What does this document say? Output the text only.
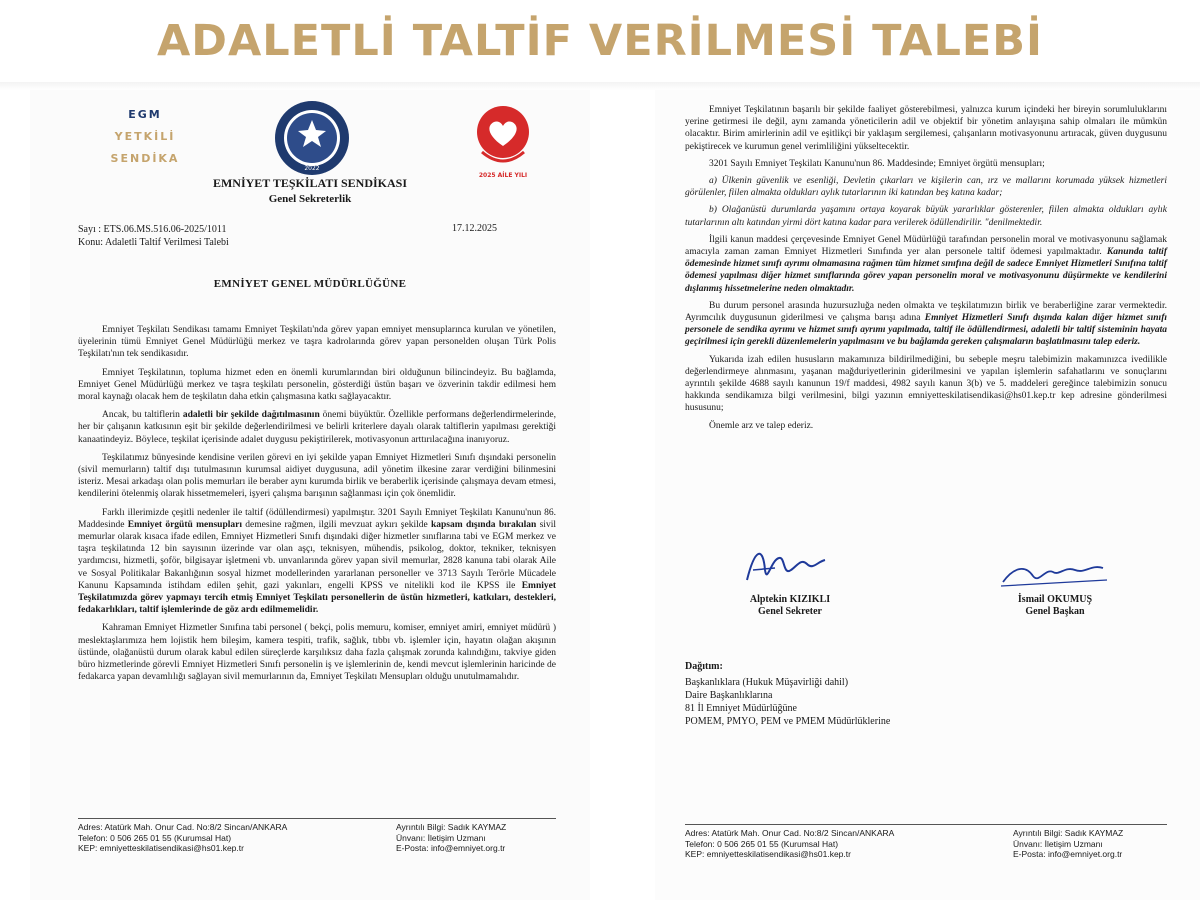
ADALETLİ TALTİF VERİLMESİ TALEBİ
EGM
YETKİLİ
SENDİKA
2022
2025 AİLE YILI
EMNİYET TEŞKİLATI SENDİKASI
Genel Sekreterlik
Sayı : ETS.06.MS.516.06-2025/1011
Konu: Adaletli Taltif Verilmesi Talebi
17.12.2025
EMNİYET GENEL MÜDÜRLÜĞÜNE

Emniyet Teşkilatı Sendikası tamamı Emniyet Teşkilatı'nda görev yapan emniyet mensuplarınca kurulan ve yönetilen, üyelerinin tümü Emniyet Genel Müdürlüğü merkez ve taşra kadrolarında görev yapan personelden oluşan Türk Polis Teşkilatı'nın tek sendikasıdır.

Emniyet Teşkilatının, topluma hizmet eden en önemli kurumlarından biri olduğunun bilincindeyiz. Bu bağlamda, Emniyet Genel Müdürlüğü merkez ve taşra teşkilatı personelin, gösterdiği üstün başarı ve özverinin takdir edilmesi hem moral kaynağı olacak hem de teşkilatın daha etkin çalışmasına katkı sağlayacaktır.

Ancak, bu taltiflerin adaletli bir şekilde dağıtılmasının önemi büyüktür. Özellikle performans değerlendirmelerinde, her bir çalışanın katkısının eşit bir şekilde değerlendirilmesi ve belirli kriterlere dayalı olarak taltiflerin yapılması gerektiği kanaatindeyiz. Böylece, teşkilat içerisinde adalet duygusu pekiştirilerek, motivasyonun arttırılacağına inanıyoruz.

Teşkilatımız bünyesinde kendisine verilen görevi en iyi şekilde yapan Emniyet Hizmetleri Sınıfı dışındaki personelin (sivil memurların) taltif dışı tutulmasının kurumsal aidiyet duygusuna, adil yönetim ilkesine zarar verdiğini bilinmesini isteriz. Mesai arkadaşı olan polis memurları ile beraber aynı kurumda birlik ve beraberlik içerisinde çalışmaya devam etmesi, kendilerini ötelenmiş olarak hissetmemeleri, işyeri çalışma barışının sağlanması için çok önemlidir.

Farklı illerimizde çeşitli nedenler ile taltif (ödüllendirmesi) yapılmıştır. 3201 Sayılı Emniyet Teşkilatı Kanunu'nun 86. Maddesinde Emniyet örgütü mensupları demesine rağmen, ilgili mevzuat aykırı şekilde kapsam dışında bırakılan sivil memurlar olarak kısaca ifade edilen, Emniyet Hizmetleri Sınıfı dışındaki diğer hizmetler sınıflarına tabi ve EGM merkez ve taşra teşkilatında 12 bin sayısının üzerinde var olan aşçı, teknisyen, mühendis, psikolog, doktor, tekniker, teknisyen yardımcısı, hizmetli, şoför, bilgisayar işletmeni vb. unvanlarında görev yapan sivil memurlar, 2828 kanuna tabi olarak Aile ve Sosyal Politikalar Bakanlığının sosyal hizmet modellerinden yararlanan personeller ve 3713 Sayılı Terörle Mücadele Kanunu Kapsamında istihdam edilen şehit, gazi yakınları, engelli KPSS ve nitelikli kod ile KPSS ile Emniyet Teşkilatımızda görev yapmayı tercih etmiş Emniyet Teşkilatı personellerin de üstün hizmetleri, katkıları, destekleri, fedakarlıkları, taltif işlemlerinde de göz ardı edilmemelidir.

Kahraman Emniyet Hizmetler Sınıfına tabi personel ( bekçi, polis memuru, komiser, emniyet amiri, emniyet müdürü ) meslektaşlarımıza hem lojistik hem bileşim, kamera tespiti, trafik, sağlık, tıbbı vb. işlemler için, hayatın olağan akışının üstünde, olağanüstü durum olarak kabul edilen süreçlerde karşılıksız daha fazla çalışmak zorunda kalındığını, takviye giden büro hizmetlerinde görevli Emniyet Hizmetleri Sınıfı personelin iş ve işlemlerinin de, kendi mevcut işlemlerinin haricinde de fedakarca yapan devamlılığı sağlayan sivil memurlarının da, Emniyet Teşkilatı Mensupları olduğu unutulmamalıdır.

Adres: Atatürk Mah. Onur Cad. No:8/2 Sincan/ANKARA
Telefon: 0 506 265 01 55 (Kurumsal Hat)
KEP: emniyetteskilatisendikasi@hs01.kep.tr
Ayrıntılı Bilgi: Sadık KAYMAZ
Ünvanı: İletişim Uzmanı
E-Posta: info@emniyet.org.tr

Emniyet Teşkilatının başarılı bir şekilde faaliyet gösterebilmesi, yalnızca kurum içindeki her bireyin sorumluluklarını yerine getirmesi ile değil, aynı zamanda yöneticilerin adil ve objektif bir yönetim anlayışına sahip olmaları ile mümkün olacaktır. Birim amirlerinin adil ve eşitlikçi bir yaklaşım sergilemesi, çalışanların motivasyonunu artıracak, güven duygusunu pekiştirecek ve kurumun genel verimliliğini yükseltecektir.

3201 Sayılı Emniyet Teşkilatı Kanunu'nun 86. Maddesinde; Emniyet örgütü mensupları;

a) Ülkenin güvenlik ve esenliği, Devletin çıkarları ve kişilerin can, ırz ve mallarını korumada yüksek hizmetleri görülenler, fiilen almakta oldukları aylık tutarlarının iki katından beş katına kadar;

b) Olağanüstü durumlarda yaşamını ortaya koyarak büyük yararlıklar gösterenler, fiilen almakta oldukları aylık tutarlarının altı katından yirmi dört katına kadar para verilerek ödüllendirilir. "denilmektedir.

İlgili kanun maddesi çerçevesinde Emniyet Genel Müdürlüğü tarafından personelin moral ve motivasyonunu sağlamak amacıyla zaman zaman Emniyet Hizmetleri Sınıfında yer alan personele taltif ödemesi yapılmaktadır. Kanunda taltif ödemesinde hizmet sınıfı ayrımı olmamasına rağmen tüm hizmet sınıfına değil de sadece Emniyet Hizmetleri Sınıfına taltif ödemesi yapılması diğer hizmet sınıflarında görev yapan personelin moral ve motivasyonunu düşürmekte ve kendilerini dışlanmış hissetmelerine neden olmaktadır.

Bu durum personel arasında huzursuzluğa neden olmakta ve teşkilatımızın birlik ve beraberliğine zarar vermektedir. Ayrımcılık duygusunun giderilmesi ve çalışma barışı adına Emniyet Hizmetleri Sınıfı dışında kalan diğer hizmet sınıfı personele de sendika ayrımı ve hizmet sınıfı ayrımı yapılmada, taltif ile ödüllendirmesi, adaletli bir taltif sisteminin hayata geçirilmesi için gerekli düzenlemelerin yapılmasını ve bu bağlamda gereken çalışmaların başlatılmasını talep ederiz.

Yukarıda izah edilen hususların makamınıza bildirilmediğini, bu sebeple meşru talebimizin makamınızca ivedilikle değerlendirmeye alınmasını, yaşanan mağduriyetlerinin giderilmesini ve yapılan işlemlerin safahatlarını ve sonuçlarını ayrıntılı şekilde 4688 sayılı kanunun 19/f maddesi, 4982 sayılı kanun 3(b) ve 5. maddeleri gereğince talebimizin sonucu hakkında sendikamıza bilgi verilmesini, bilgi yazının emniyetteskilatisendikasi@hs01.kep.tr kep adresine gönderilmesi hususunu;

Önemle arz ve talep ederiz.

Alptekin KIZIKLI
Genel Sekreter
İsmail OKUMUŞ
Genel Başkan
Dağıtım:
Başkanlıklara (Hukuk Müşavirliği dahil)
Daire Başkanlıklarına
81 İl Emniyet Müdürlüğüne
POMEM, PMYO, PEM ve PMEM Müdürlüklerine
Adres: Atatürk Mah. Onur Cad. No:8/2 Sincan/ANKARA
Telefon: 0 506 265 01 55 (Kurumsal Hat)
KEP: emniyetteskilatisendikasi@hs01.kep.tr
Ayrıntılı Bilgi: Sadık KAYMAZ
Ünvanı: İletişim Uzmanı
E-Posta: info@emniyet.org.tr
